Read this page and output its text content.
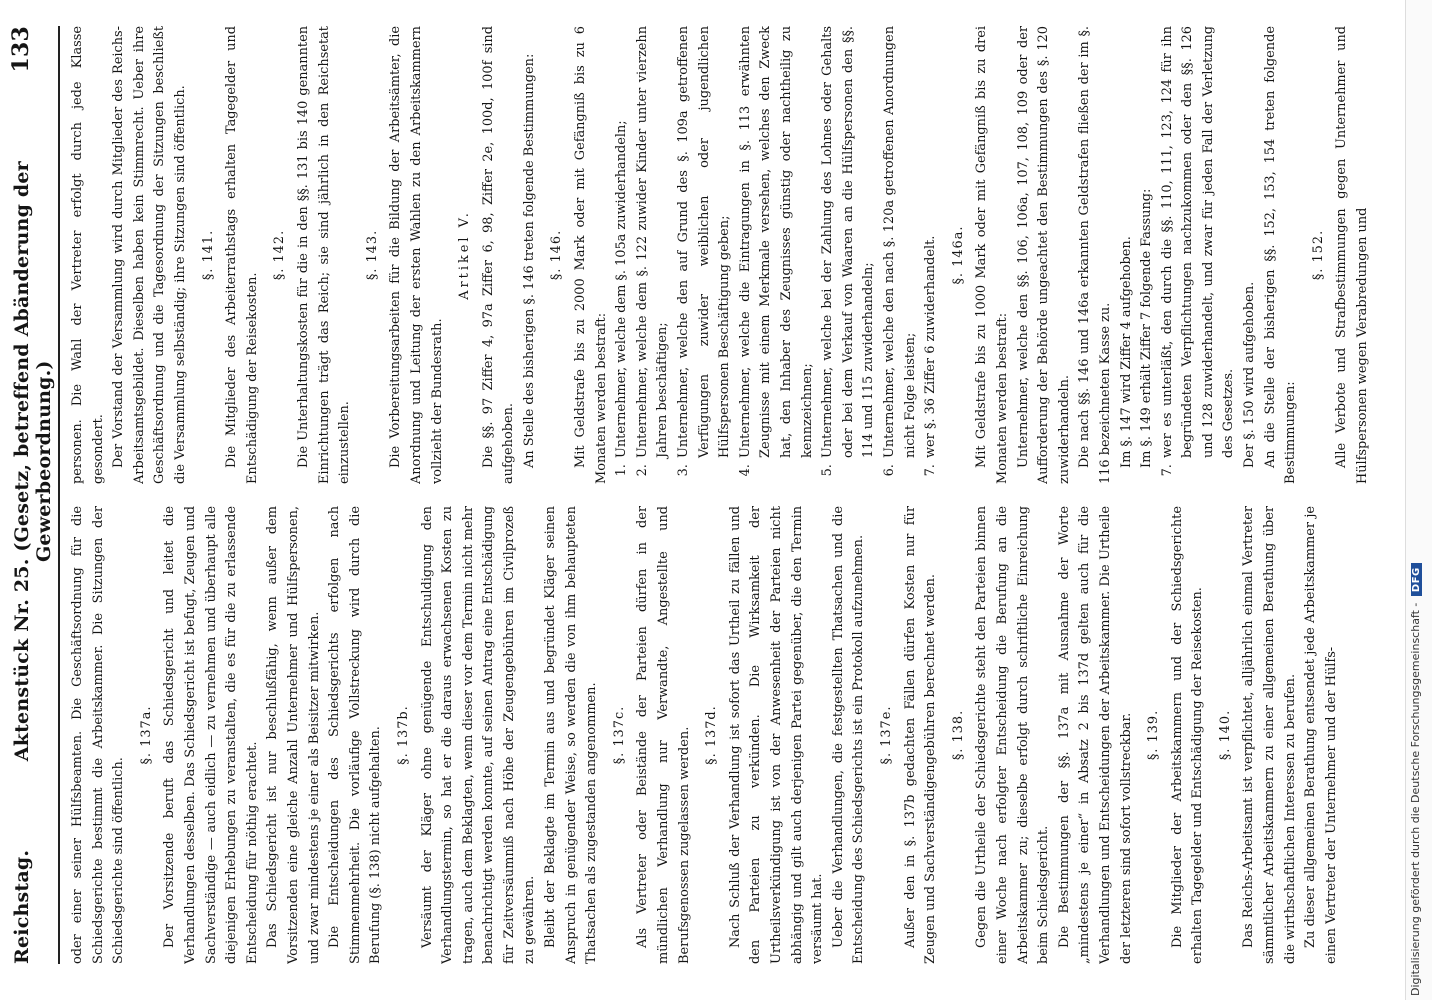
Reichstag.
Aktenstück Nr. 25. (Gesetz, betreffend Abänderung der Gewerbeordnung.)
133

oder einer seiner Hülfsbeamten. Die Geschäftsordnung für die Schiedsgerichte bestimmt die Arbeitskammer. Die Sitzungen der Schiedsgerichte sind öffentlich.

§. 137a. Der Vorsitzende beruft das Schiedsgericht und leitet die Verhandlungen desselben. Das Schiedsgericht ist befugt, Zeugen und Sachverständige — auch eidlich — zu vernehmen und überhaupt alle diejenigen Erhebungen zu veranstalten, die es für die zu erlassende Entscheidung für nöthig erachtet. Das Schiedsgericht ist nur beschlußfähig, wenn außer dem Vorsitzenden eine gleiche Anzahl Unternehmer und Hülfspersonen, und zwar mindestens je einer als Beisitzer mitwirken. Die Entscheidungen des Schiedsgerichts erfolgen nach Stimmenmehrheit. Die vorläufige Vollstreckung wird durch die Berufung (§. 138) nicht aufgehalten. §. 137b. Versäumt der Kläger ohne genügende Entschuldigung den Verhandlungstermin, so hat er die daraus erwachsenen Kosten zu tragen, auch dem Beklagten, wenn dieser vor dem Termin nicht mehr benachrichtigt werden konnte, auf seinen Antrag eine Entschädigung für Zeitversäumniß nach Höhe der Zeugengebühren im Civilprozeß zu gewähren. Bleibt der Beklagte im Termin aus und begründet Kläger seinen Anspruch in genügender Weise, so werden die von ihm behaupteten Thatsachen als zugestanden angenommen. §. 137c. Als Vertreter oder Beistände der Parteien dürfen in der mündlichen Verhandlung nur Verwandte, Angestellte und Berufsgenossen zugelassen werden. §. 137d. Nach Schluß der Verhandlung ist sofort das Urtheil zu fällen und den Parteien zu verkünden. Die Wirksamkeit der Urtheilsverkündigung ist von der Anwesenheit der Parteien nicht abhängig und gilt auch derjenigen Partei gegenüber, die den Termin versäumt hat. Ueber die Verhandlungen, die festgestellten Thatsachen und die Entscheidung des Schiedsgerichts ist ein Protokoll aufzunehmen. §. 137e. Außer den in §. 137b gedachten Fällen dürfen Kosten nur für Zeugen und Sachverständigengebühren berechnet werden. §. 138. Gegen die Urtheile der Schiedsgerichte steht den Parteien binnen einer Woche nach erfolgter Entscheidung die Berufung an die Arbeitskammer zu; dieselbe erfolgt durch schriftliche Einreichung beim Schiedsgericht. Die Bestimmungen der §§. 137a mit Ausnahme der Worte „mindestens je einer“ in Absatz 2 bis 137d gelten auch für die Verhandlungen und Entscheidungen der Arbeitskammer. Die Urtheile der letzteren sind sofort vollstreckbar. §. 139. Die Mitglieder der Arbeitskammern und der Schiedsgerichte erhalten Tagegelder und Entschädigung der Reisekosten. §. 140. Das Reichs-Arbeitsamt ist verpflichtet, alljährlich einmal Vertreter sämmtlicher Arbeitskammern zu einer allgemeinen Berathung über die wirthschaftlichen Interessen zu berufen. Zu dieser allgemeinen Berathung entsendet jede Arbeitskammer je einen Vertreter der Unternehmer und der Hülfs-

personen. Die Wahl der Vertreter erfolgt durch jede Klasse gesondert. Der Vorstand der Versammlung wird durch Mitglieder des Reichs-Arbeitsamtsgebildet. Dieselben haben kein Stimmrecht. Ueber ihre Geschäftsordnung und die Tagesordnung der Sitzungen beschließt die Versammlung selbständig; ihre Sitzungen sind öffentlich. §. 141. Die Mitglieder des Arbeiterrathstags erhalten Tagegelder und Entschädigung der Reisekosten.

§. 142. Die Unterhaltungskosten für die in den §§. 131 bis 140 genannten Einrichtungen trägt das Reich; sie sind jährlich in den Reichsetat einzustellen.

§. 143. Die Vorbereitungsarbeiten für die Bildung der Arbeitsämter, die Anordnung und Leitung der ersten Wahlen zu den Arbeitskammern vollzieht der Bundesrath.

Artikel V. Die §§. 97 Ziffer 4, 97a Ziffer 6, 98, Ziffer 2e, 100d, 100f sind aufgehoben. An Stelle des bisherigen §. 146 treten folgende Bestimmungen: §. 146. Mit Geldstrafe bis zu 2000 Mark oder mit Gefängniß bis zu 6 Monaten werden bestraft: 1. Unternehmer, welche dem §. 105a zuwiderhandeln; 2. Unternehmer, welche dem §. 122 zuwider Kinder unter vierzehn Jahren beschäftigen; 3. Unternehmer, welche den auf Grund des §. 109a getroffenen Verfügungen zuwider weiblichen oder jugendlichen Hülfspersonen Beschäftigung geben; 4. Unternehmer, welche die Eintragungen in §. 113 erwähnten Zeugnisse mit einem Merkmale versehen, welches den Zweck hat, den Inhaber des Zeugnisses günstig oder nachtheilig zu kennzeichnen; 5. Unternehmer, welche bei der Zahlung des Lohnes oder Gehalts oder bei dem Verkauf von Waaren an die Hülfspersonen den §§. 114 und 115 zuwiderhandeln; 6. Unternehmer, welche den nach §. 120a getroffenen Anordnungen nicht Folge leisten; 7. wer §. 36 Ziffer 6 zuwiderhandelt. §. 146a. Mit Geldstrafe bis zu 1000 Mark oder mit Gefängniß bis zu drei Monaten werden bestraft: Unternehmer, welche den §§. 106, 106a, 107, 108, 109 oder der Aufforderung der Behörde ungeachtet den Bestimmungen des §. 120 zuwiderhandeln. Die nach §§. 146 und 146a erkannten Geldstrafen fließen der im §. 116 bezeichneten Kasse zu. Im §. 147 wird Ziffer 4 aufgehoben. Im §. 149 erhält Ziffer 7 folgende Fassung: 7. wer es unterläßt, den durch die §§. 110, 111, 123, 124 für ihn begründeten Verpflichtungen nachzukommen oder den §§. 126 und 128 zuwiderhandelt, und zwar für jeden Fall der Verletzung des Gesetzes. Der §. 150 wird aufgehoben. An die Stelle der bisherigen §§. 152, 153, 154 treten folgende Bestimmungen:

§. 152. Alle Verbote und Strafbestimmungen gegen Unternehmer und Hülfspersonen wegen Verabredungen und

Digitalisierung gefördert durch die Deutsche Forschungsgemeinschaft - DFG
